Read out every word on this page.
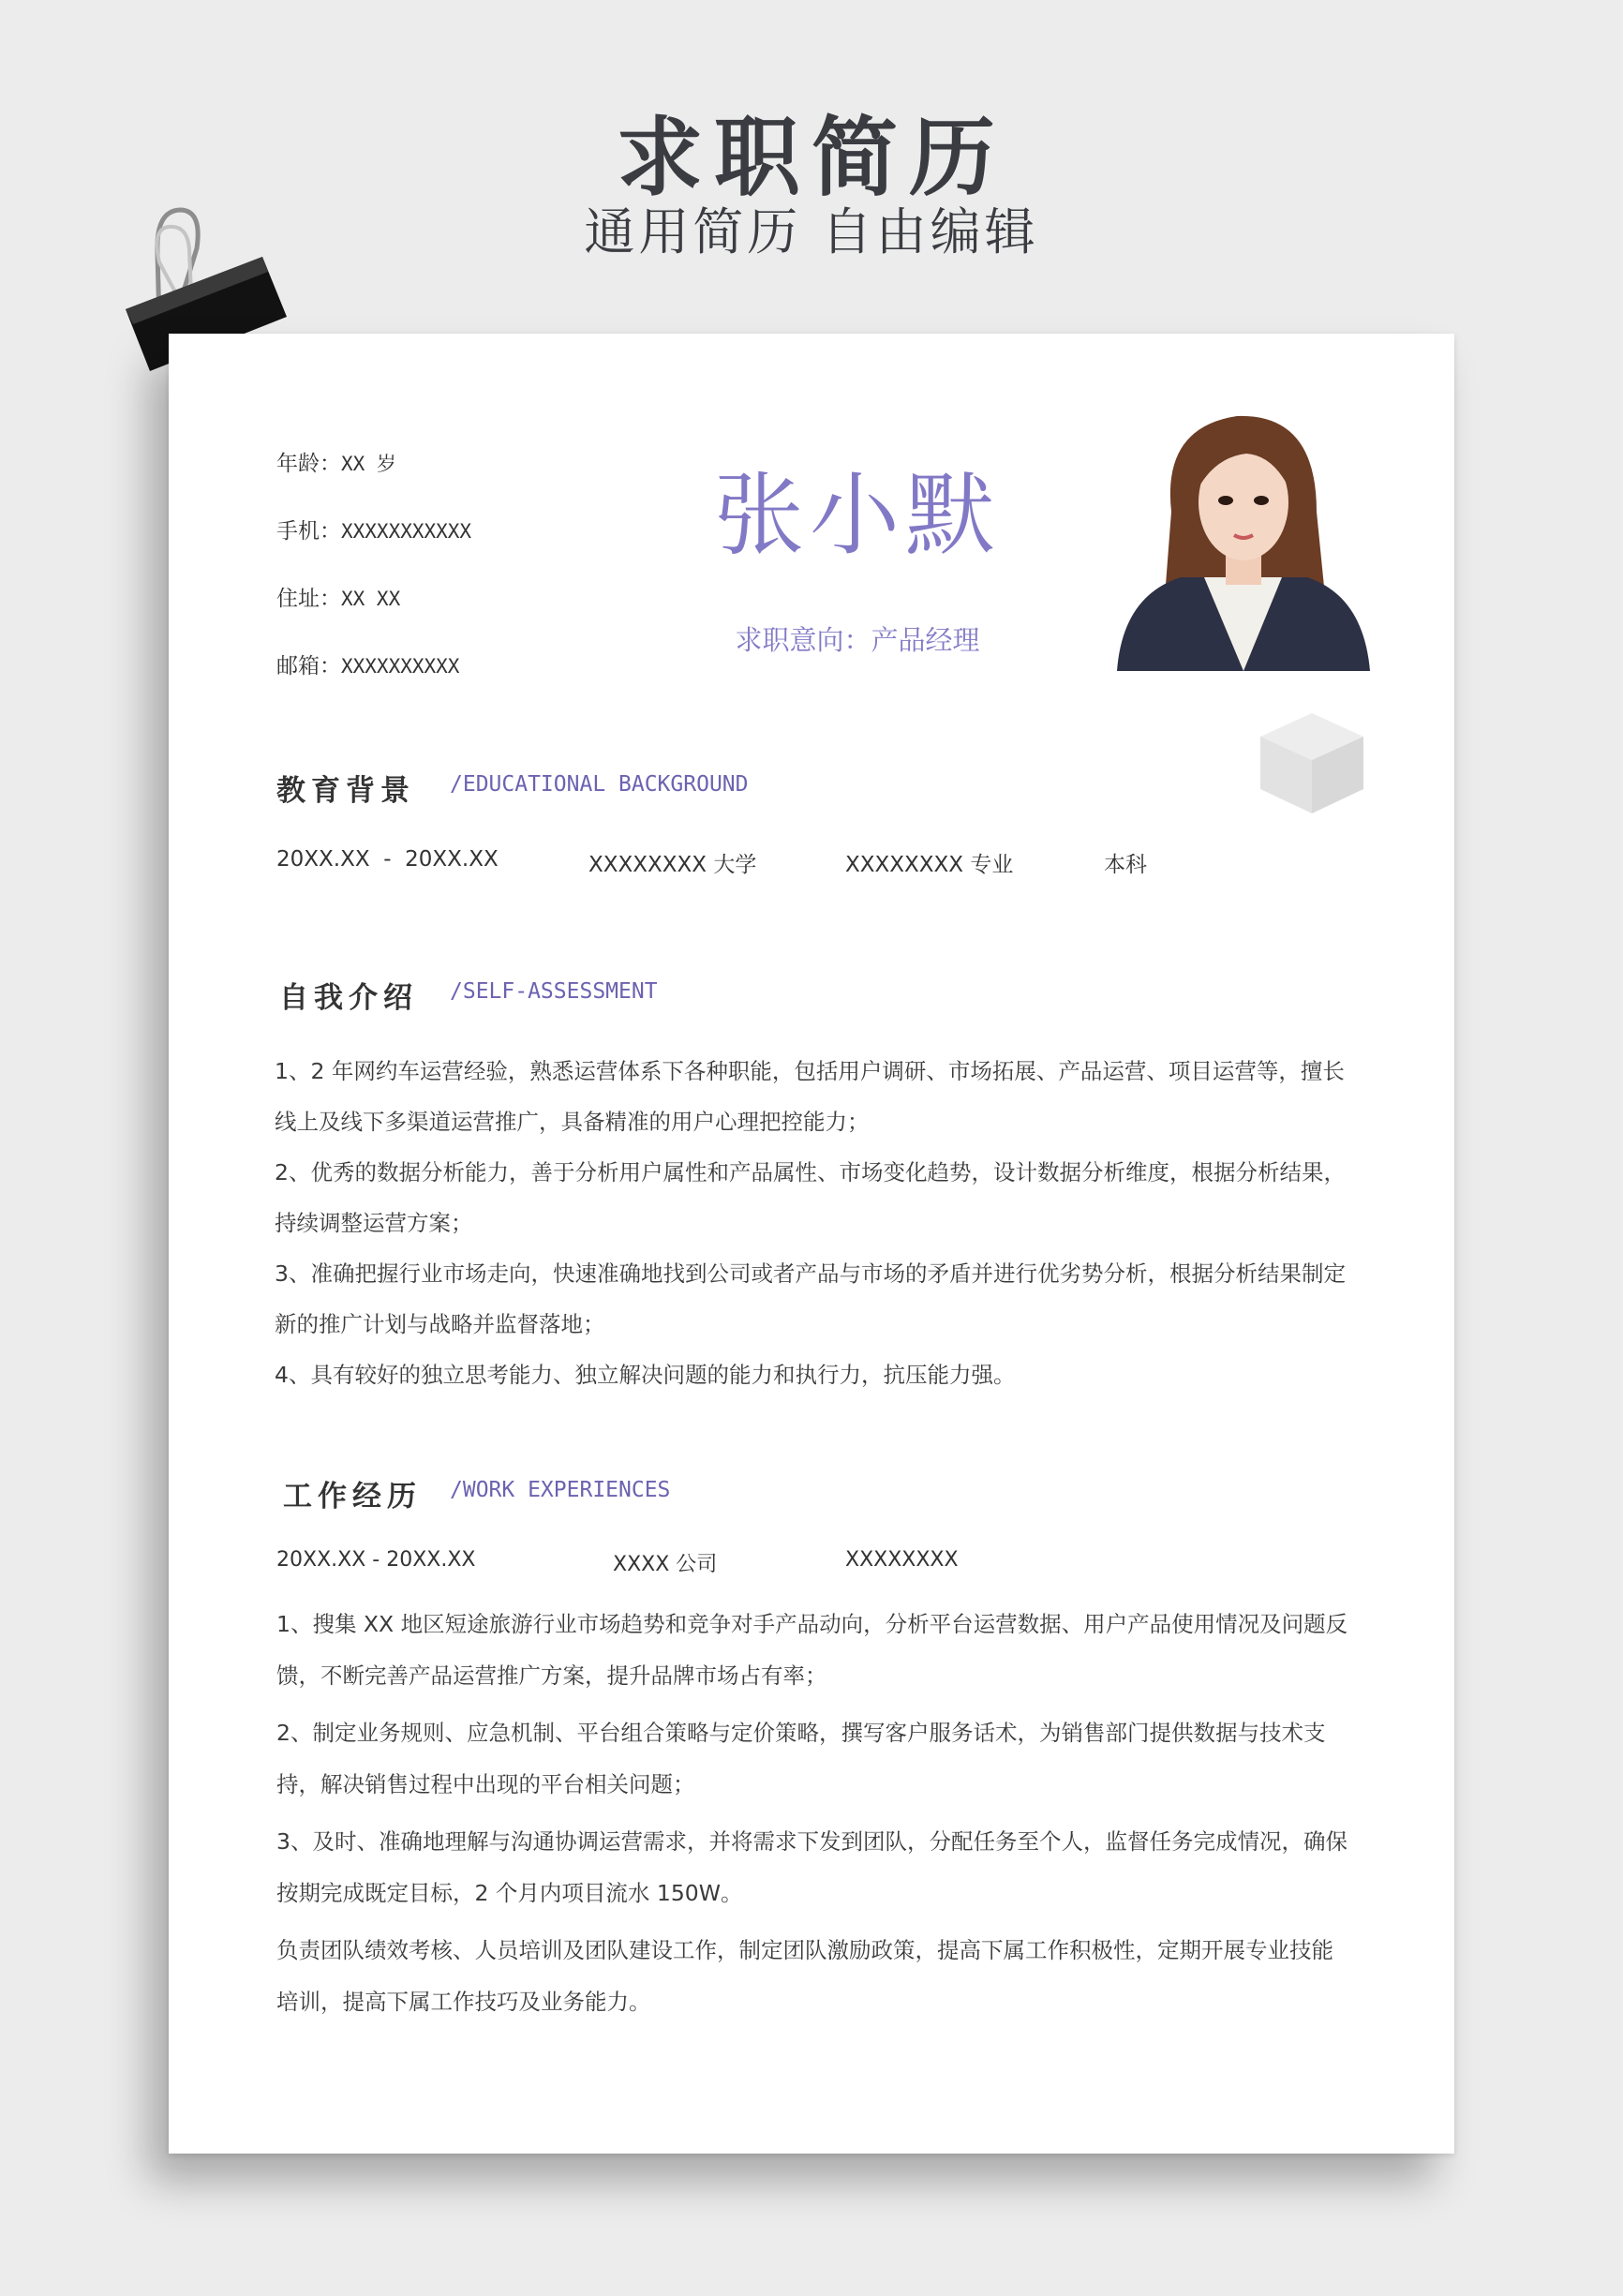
求职简历
通用简历 自由编辑
年龄：XX 岁
手机：XXXXXXXXXXX
住址：XX XX
邮箱：XXXXXXXXXX
张小默
求职意向：产品经理
教育背景 /EDUCATIONAL BACKGROUND
20XX.XX  -  20XX.XX	XXXXXXXX 大学	XXXXXXXX 专业	本科
自我介绍 /SELF-ASSESSMENT

1、2 年网约车运营经验，熟悉运营体系下各种职能，包括用户调研、市场拓展、产品运营、项目运营等，擅长线上及线下多渠道运营推广，具备精准的用户心理把控能力；

2、优秀的数据分析能力，善于分析用户属性和产品属性、市场变化趋势，设计数据分析维度，根据分析结果，持续调整运营方案；

3、准确把握行业市场走向，快速准确地找到公司或者产品与市场的矛盾并进行优劣势分析，根据分析结果制定新的推广计划与战略并监督落地；

4、具有较好的独立思考能力、独立解决问题的能力和执行力，抗压能力强。

工作经历 /WORK EXPERIENCES
20XX.XX - 20XX.XX	XXXX 公司	XXXXXXXX

1、搜集 XX 地区短途旅游行业市场趋势和竞争对手产品动向，分析平台运营数据、用户产品使用情况及问题反馈，不断完善产品运营推广方案，提升品牌市场占有率；

2、制定业务规则、应急机制、平台组合策略与定价策略，撰写客户服务话术，为销售部门提供数据与技术支持，解决销售过程中出现的平台相关问题；

3、及时、准确地理解与沟通协调运营需求，并将需求下发到团队，分配任务至个人，监督任务完成情况，确保按期完成既定目标，2 个月内项目流水 150W。

负责团队绩效考核、人员培训及团队建设工作，制定团队激励政策，提高下属工作积极性，定期开展专业技能培训，提高下属工作技巧及业务能力。
